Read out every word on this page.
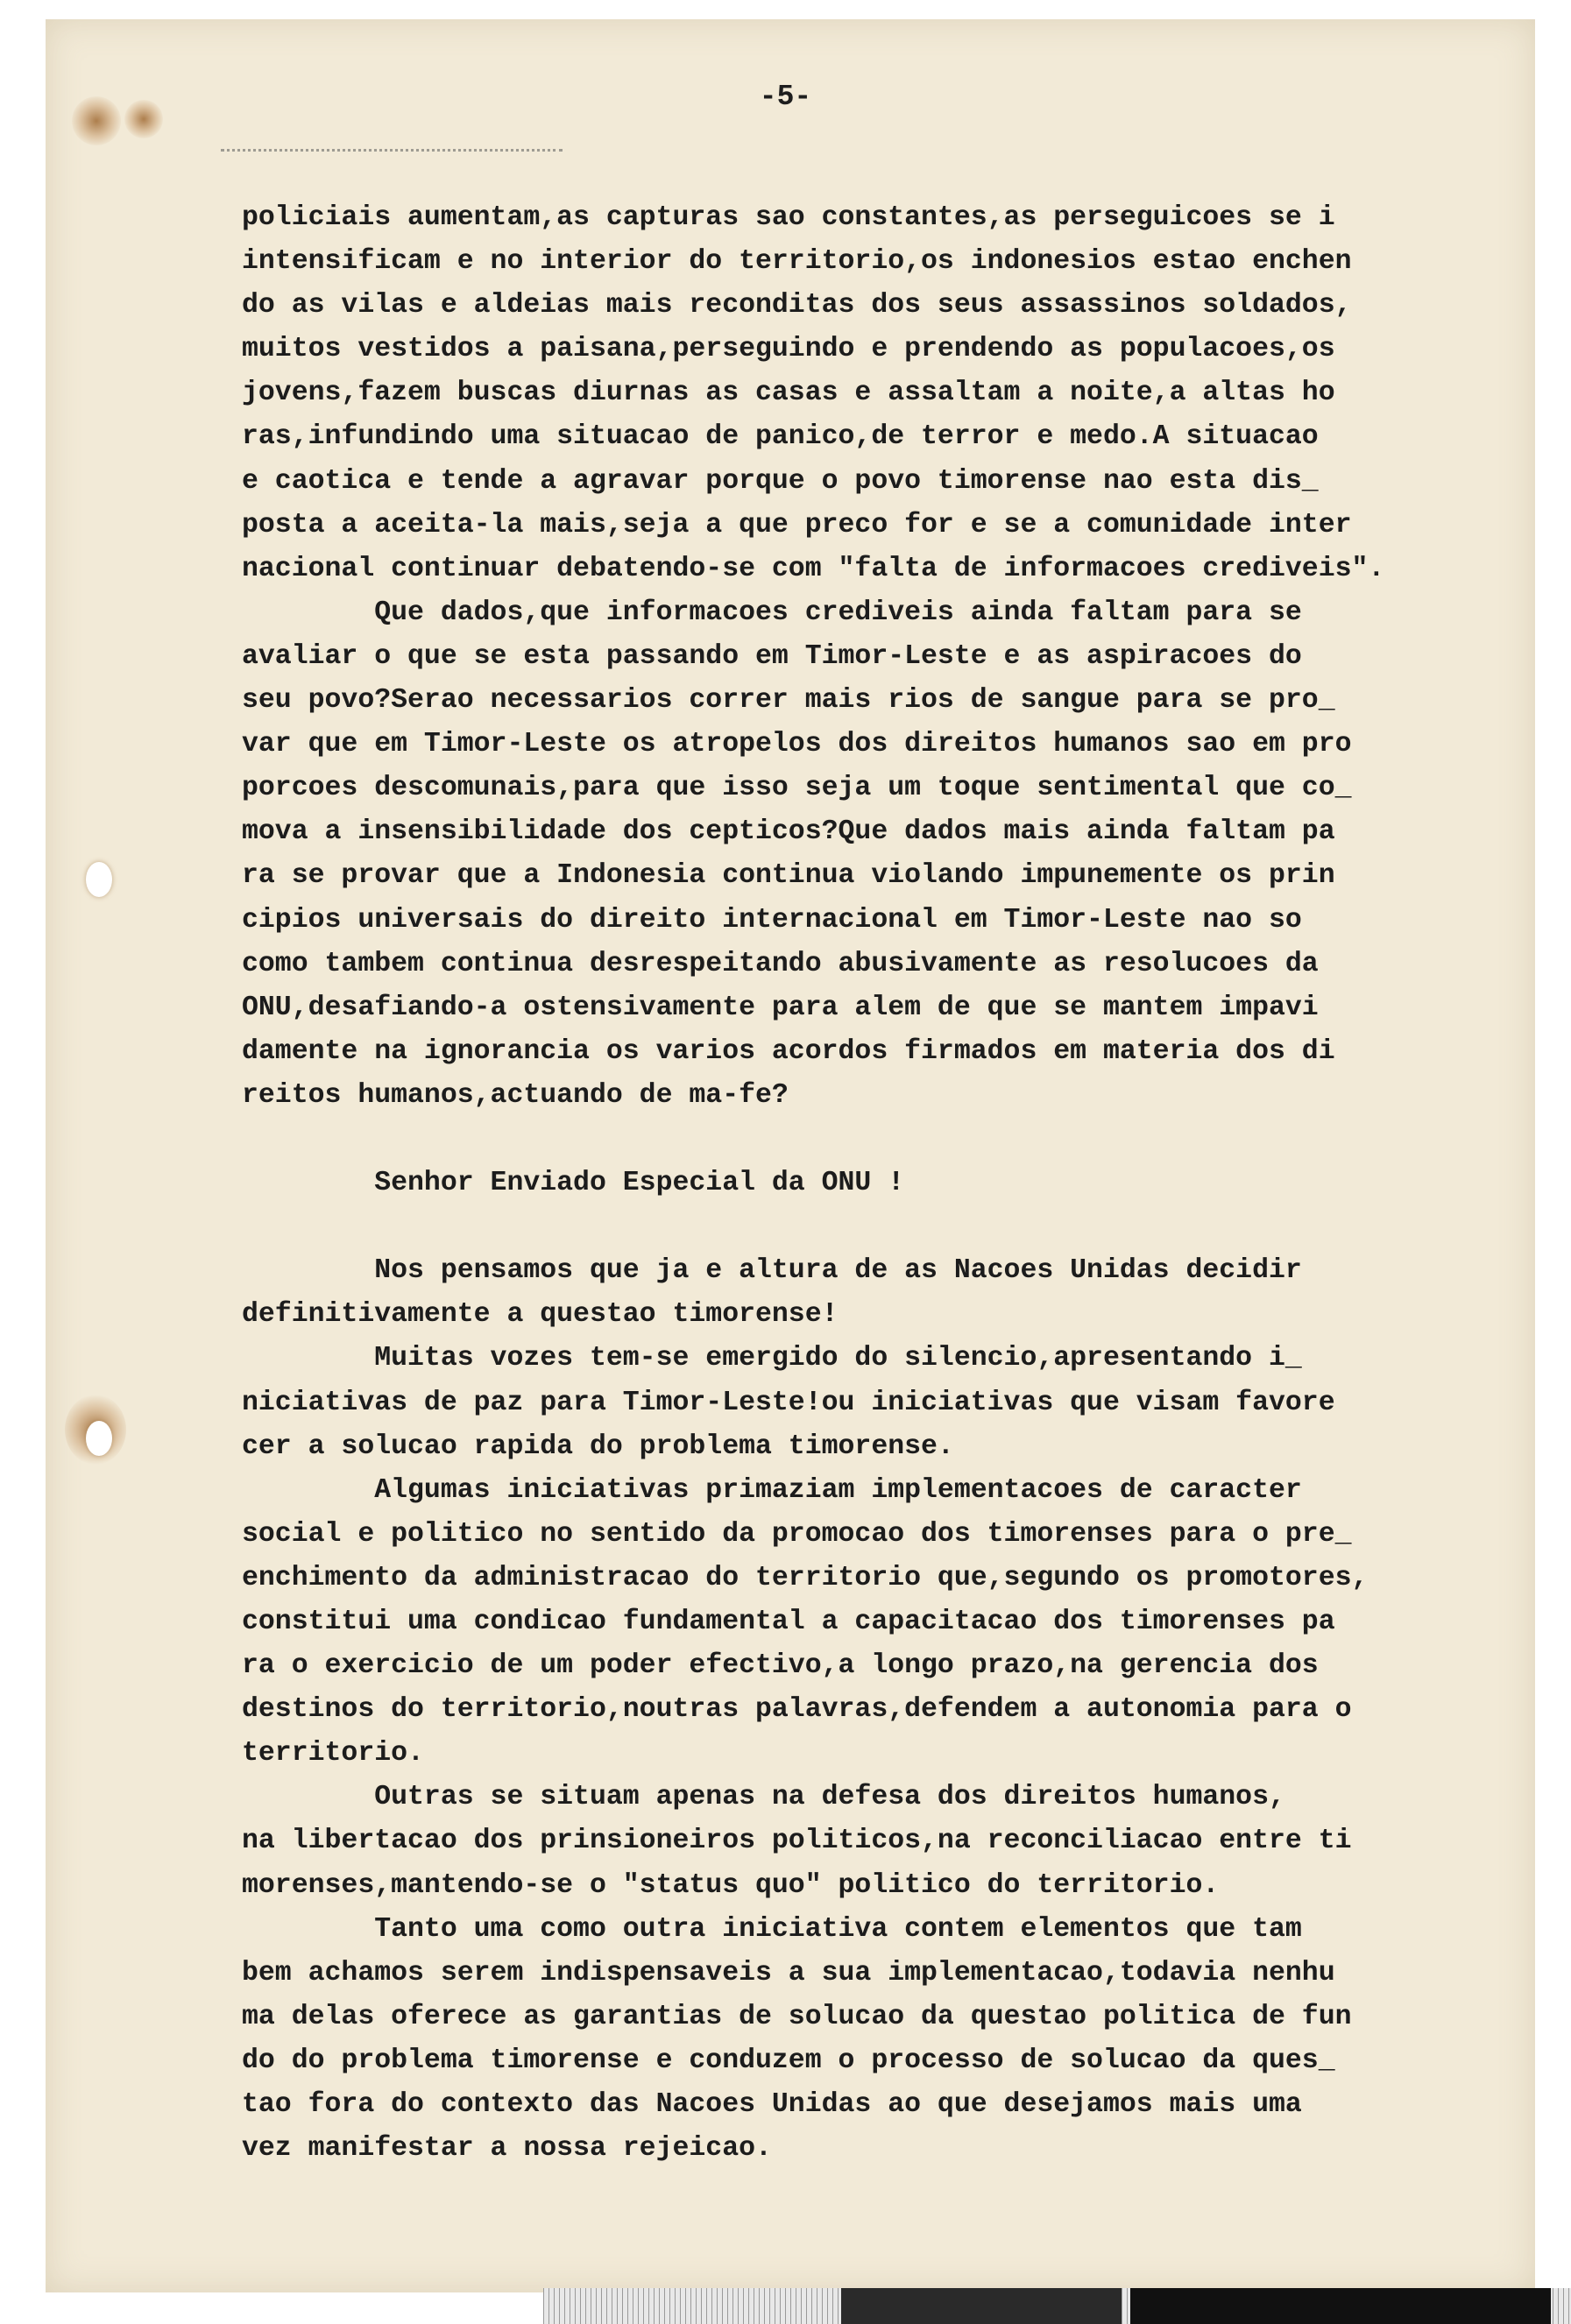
-5-
policiais aumentam,as capturas sao constantes,as perseguicoes se i
intensificam e no interior do territorio,os indonesios estao enchen
do as vilas e aldeias mais reconditas dos seus assassinos soldados,
muitos vestidos a paisana,perseguindo e prendendo as populacoes,os
jovens,fazem buscas diurnas as casas e assaltam a noite,a altas ho
ras,infundindo uma situacao de panico,de terror e medo.A situacao
e caotica e tende a agravar porque o povo timorense nao esta dis_
posta a aceita-la mais,seja a que preco for e se a comunidade inter
nacional continuar debatendo-se com "falta de informacoes crediveis".
Que dados,que informacoes crediveis ainda faltam para se
avaliar o que se esta passando em Timor-Leste e as aspiracoes do
seu povo?Serao necessarios correr mais rios de sangue para se pro_
var que em Timor-Leste os atropelos dos direitos humanos sao em pro
porcoes descomunais,para que isso seja um toque sentimental que co_
mova a insensibilidade dos cepticos?Que dados mais ainda faltam pa
ra se provar que a Indonesia continua violando impunemente os prin
cipios universais do direito internacional em Timor-Leste nao so
como tambem continua desrespeitando abusivamente as resolucoes da
ONU,desafiando-a ostensivamente para alem de que se mantem impavi
damente na ignorancia os varios acordos firmados em materia dos di
reitos humanos,actuando de ma-fe?
Senhor Enviado Especial da ONU !
Nos pensamos que ja e altura de as Nacoes Unidas decidir
definitivamente a questao timorense!
Muitas vozes tem-se emergido do silencio,apresentando i_
niciativas de paz para Timor-Leste!ou iniciativas que visam favore
cer a solucao rapida do problema timorense.
Algumas iniciativas primaziam implementacoes de caracter
social e politico no sentido da promocao dos timorenses para o pre_
enchimento da administracao do territorio que,segundo os promotores,
constitui uma condicao fundamental a capacitacao dos timorenses pa
ra o exercicio de um poder efectivo,a longo prazo,na gerencia dos
destinos do territorio,noutras palavras,defendem a autonomia para o
territorio.
Outras se situam apenas na defesa dos direitos humanos,
na libertacao dos prinsioneiros politicos,na reconciliacao entre ti
morenses,mantendo-se o "status quo" politico do territorio.
Tanto uma como outra iniciativa contem elementos que tam
bem achamos serem indispensaveis a sua implementacao,todavia nenhu
ma delas oferece as garantias de solucao da questao politica de fun
do do problema timorense e conduzem o processo de solucao da ques_
tao fora do contexto das Nacoes Unidas ao que desejamos mais uma
vez manifestar a nossa rejeicao.
